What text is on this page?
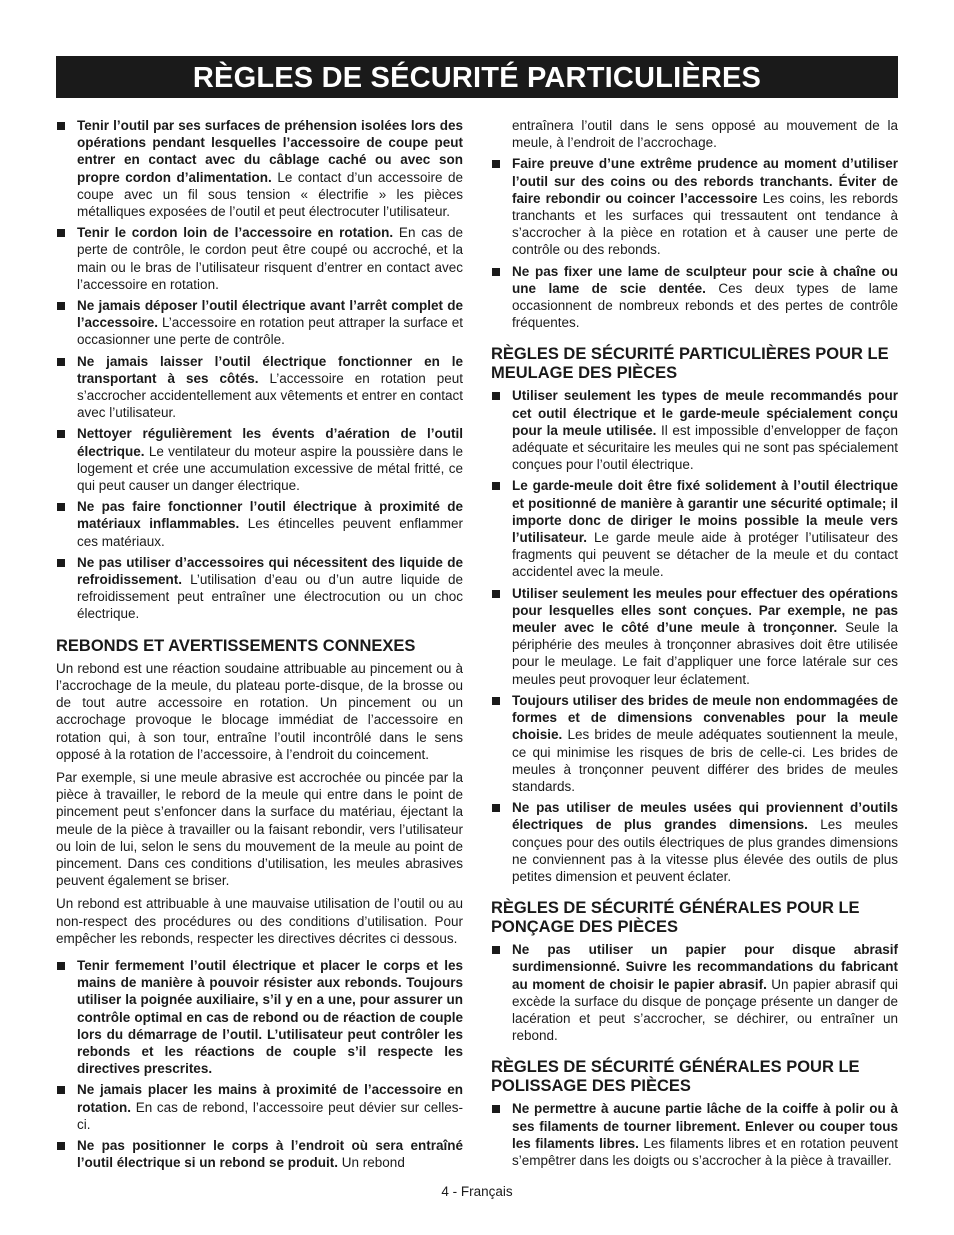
RÈGLES DE SÉCURITÉ PARTICULIÈRES

Tenir l’outil par ses surfaces de préhension isolées lors des opérations pendant lesquelles l’accessoire de coupe peut entrer en contact avec du câblage caché ou avec son propre cordon d’alimentation. Le contact d’un accessoire de coupe avec un fil sous tension « électrifie » les pièces métalliques exposées de l’outil et peut électrocuter l’utilisateur.

Tenir le cordon loin de l’accessoire en rotation. En cas de perte de contrôle, le cordon peut être coupé ou accroché, et la main ou le bras de l’utilisateur risquent d’entrer en contact avec l’accessoire en rotation.

Ne jamais déposer l’outil électrique avant l’arrêt complet de l’accessoire. L’accessoire en rotation peut attraper la surface et occasionner une perte de contrôle.

Ne jamais laisser l’outil électrique fonctionner en le transportant à ses côtés. L’accessoire en rotation peut s’accrocher accidentellement aux vêtements et entrer en contact avec l’utilisateur.

Nettoyer régulièrement les évents d’aération de l’outil électrique. Le ventilateur du moteur aspire la poussière dans le logement et crée une accumulation excessive de métal fritté, ce qui peut causer un danger électrique.

Ne pas faire fonctionner l’outil électrique à proximité de matériaux inflammables. Les étincelles peuvent enflammer ces matériaux.

Ne pas utiliser d’accessoires qui nécessitent des liquide de refroidissement. L’utilisation d’eau ou d’un autre liquide de refroidissement peut entraîner une électrocution ou un choc électrique.

REBONDS ET AVERTISSEMENTS CONNEXES

Un rebond est une réaction soudaine attribuable au pincement ou à l’accrochage de la meule, du plateau porte-disque, de la brosse ou de tout autre accessoire en rotation. Un pincement ou un accrochage provoque le blocage immédiat de l’accessoire en rotation qui, à son tour, entraîne l’outil incontrôlé dans le sens opposé à la rotation de l’accessoire, à l’endroit du coincement.

Par exemple, si une meule abrasive est accrochée ou pincée par la pièce à travailler, le rebord de la meule qui entre dans le point de pincement peut s’enfoncer dans la surface du matériau, éjectant la meule de la pièce à travailler ou la faisant rebondir, vers l’utilisateur ou loin de lui, selon le sens du mouvement de la meule au point de pincement. Dans ces conditions d’utilisation, les meules abrasives peuvent également se briser.

Un rebond est attribuable à une mauvaise utilisation de l’outil ou au non-respect des procédures ou des conditions d’utilisation. Pour empêcher les rebonds, respecter les directives décrites ci dessous.

Tenir fermement l’outil électrique et placer le corps et les mains de manière à pouvoir résister aux rebonds. Toujours utiliser la poignée auxiliaire, s’il y en a une, pour assurer un contrôle optimal en cas de rebond ou de réaction de couple lors du démarrage de l’outil. L’utilisateur peut contrôler les rebonds et les réactions de couple s’il respecte les directives prescrites.

Ne jamais placer les mains à proximité de l’accessoire en rotation. En cas de rebond, l’accessoire peut dévier sur celles-ci.

Ne pas positionner le corps à l’endroit où sera entraîné l’outil électrique si un rebond se produit. Un rebond

entraînera l’outil dans le sens opposé au mouvement de la meule, à l’endroit de l’accrochage.

Faire preuve d’une extrême prudence au moment d’utiliser l’outil sur des coins ou des rebords tranchants. Éviter de faire rebondir ou coincer l’accessoire Les coins, les rebords tranchants et les surfaces qui tressautent ont tendance à s’accrocher à la pièce en rotation et à causer une perte de contrôle ou des rebonds.

Ne pas fixer une lame de sculpteur pour scie à chaîne ou une lame de scie dentée. Ces deux types de lame occasionnent de nombreux rebonds et des pertes de contrôle fréquentes.

RÈGLES DE SÉCURITÉ PARTICULIÈRES POUR LE MEULAGE DES PIÈCES

Utiliser seulement les types de meule recommandés pour cet outil électrique et le garde-meule spécialement conçu pour la meule utilisée. Il est impossible d’envelopper de façon adéquate et sécuritaire les meules qui ne sont pas spécialement conçues pour l’outil électrique.

Le garde-meule doit être fixé solidement à l’outil électrique et positionné de manière à garantir une sécurité optimale; il importe donc de diriger le moins possible la meule vers l’utilisateur. Le garde meule aide à protéger l’utilisateur des fragments qui peuvent se détacher de la meule et du contact accidentel avec la meule.

Utiliser seulement les meules pour effectuer des opérations pour lesquelles elles sont conçues. Par exemple, ne pas meuler avec le côté d’une meule à tronçonner. Seule la périphérie des meules à tronçonner abrasives doit être utilisée pour le meulage. Le fait d’appliquer une force latérale sur ces meules peut provoquer leur éclatement.

Toujours utiliser des brides de meule non endommagées de formes et de dimensions convenables pour la meule choisie. Les brides de meule adéquates soutiennent la meule, ce qui minimise les risques de bris de celle-ci. Les brides de meules à tronçonner peuvent différer des brides de meules standards.

Ne pas utiliser de meules usées qui proviennent d’outils électriques de plus grandes dimensions. Les meules conçues pour des outils électriques de plus grandes dimensions ne conviennent pas à la vitesse plus élevée des outils de plus petites dimension et peuvent éclater.

RÈGLES DE SÉCURITÉ GÉNÉRALES POUR LE PONÇAGE DES PIÈCES

Ne pas utiliser un papier pour disque abrasif surdimensionné. Suivre les recommandations du fabricant au moment de choisir le papier abrasif. Un papier abrasif qui excède la surface du disque de ponçage présente un danger de lacération et peut s’accrocher, se déchirer, ou entraîner un rebond.

RÈGLES DE SÉCURITÉ GÉNÉRALES POUR LE POLISSAGE DES PIÈCES

Ne permettre à aucune partie lâche de la coiffe à polir ou à ses filaments de tourner librement. Enlever ou couper tous les filaments libres. Les filaments libres et en rotation peuvent s’empêtrer dans les doigts ou s’accrocher à la pièce à travailler.

4 - Français
